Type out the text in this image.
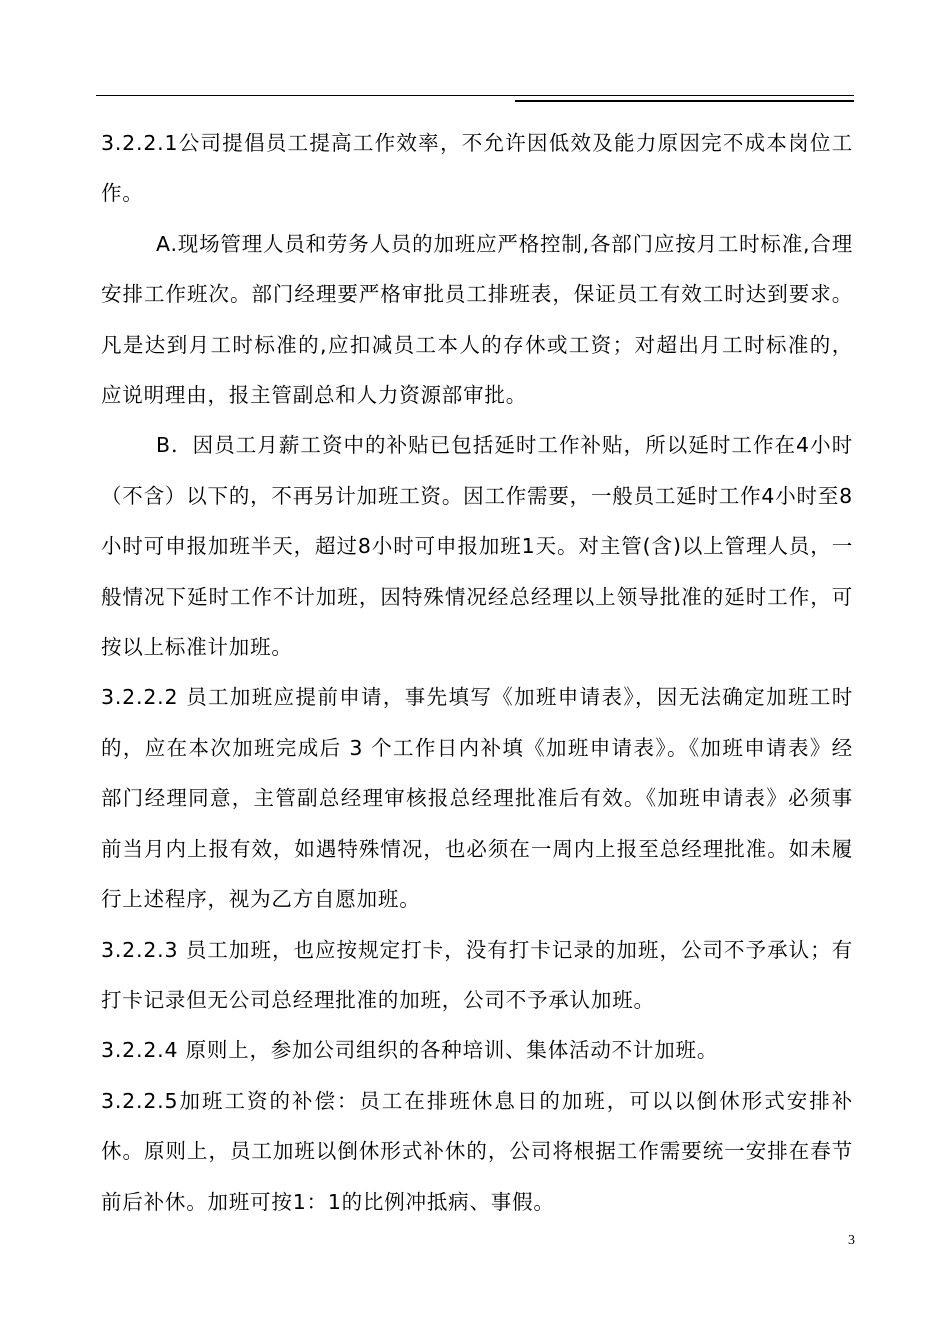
3.2.2.1公司提倡员工提高工作效率，不允许因低效及能力原因完不成本岗位工作。

A.现场管理人员和劳务人员的加班应严格控制,各部门应按月工时标准,合理安排工作班次。部门经理要严格审批员工排班表，保证员工有效工时达到要求。凡是达到月工时标准的,应扣减员工本人的存休或工资；对超出月工时标准的，应说明理由，报主管副总和人力资源部审批。

B．因员工月薪工资中的补贴已包括延时工作补贴，所以延时工作在4小时（不含）以下的，不再另计加班工资。因工作需要，一般员工延时工作4小时至8小时可申报加班半天，超过8小时可申报加班1天。对主管(含)以上管理人员，一般情况下延时工作不计加班，因特殊情况经总经理以上领导批准的延时工作，可按以上标准计加班。

3.2.2.2 员工加班应提前申请，事先填写《加班申请表》，因无法确定加班工时的，应在本次加班完成后 3 个工作日内补填《加班申请表》。《加班申请表》经部门经理同意，主管副总经理审核报总经理批准后有效。《加班申请表》必须事前当月内上报有效，如遇特殊情况，也必须在一周内上报至总经理批准。如未履行上述程序，视为乙方自愿加班。

3.2.2.3 员工加班，也应按规定打卡，没有打卡记录的加班，公司不予承认；有打卡记录但无公司总经理批准的加班，公司不予承认加班。

3.2.2.4 原则上，参加公司组织的各种培训、集体活动不计加班。

3.2.2.5加班工资的补偿：员工在排班休息日的加班，可以以倒休形式安排补休。原则上，员工加班以倒休形式补休的，公司将根据工作需要统一安排在春节前后补休。加班可按1：1的比例冲抵病、事假。

3
